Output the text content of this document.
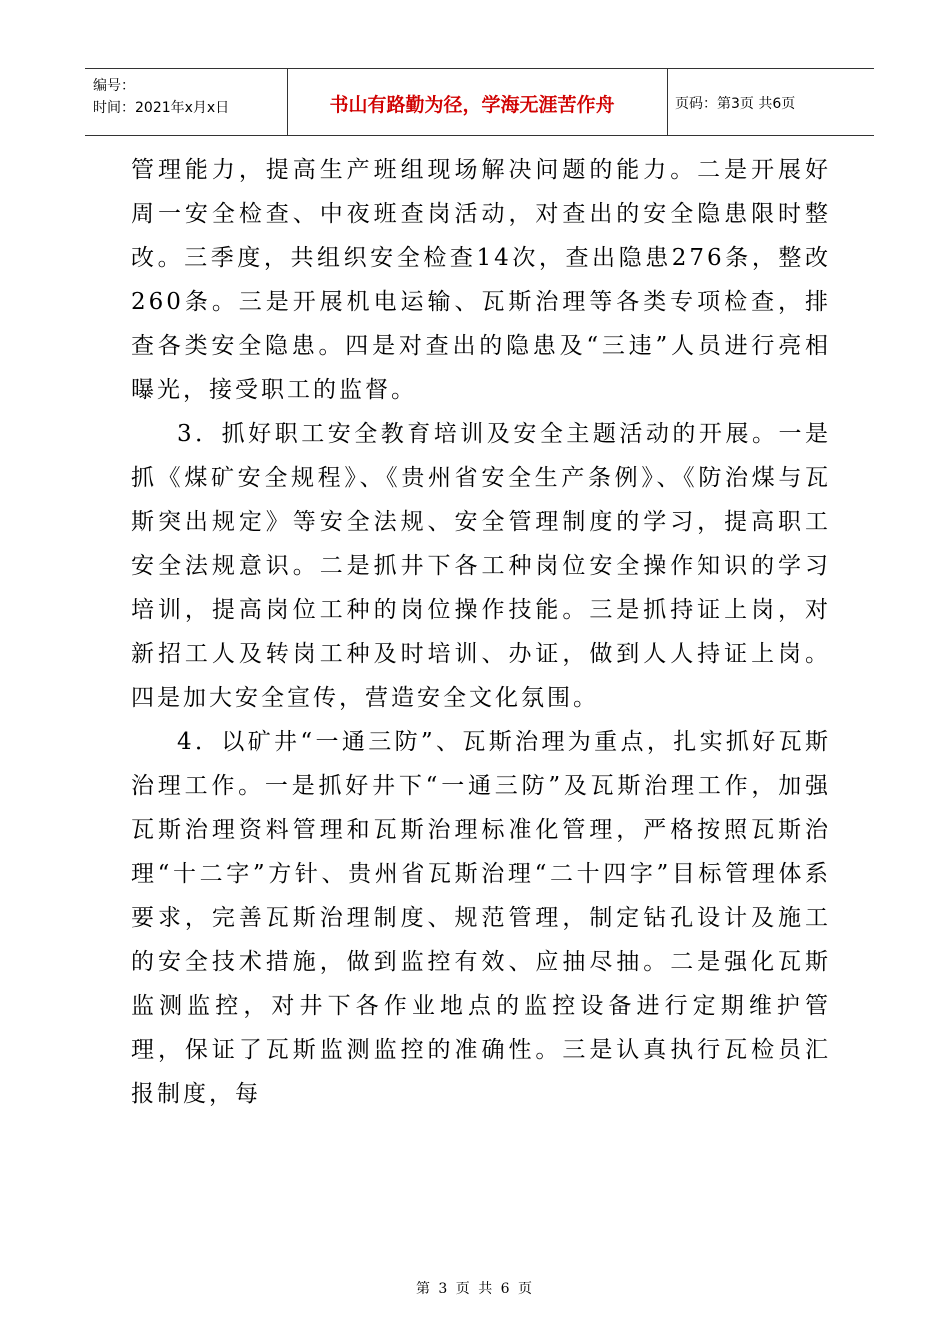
编号：
时间：2021年x月x日	书山有路勤为径，学海无涯苦作舟	页码：第3页 共6页

管理能力，提高生产班组现场解决问题的能力。二是开展好周一安全检查、中夜班查岗活动，对查出的安全隐患限时整改。三季度，共组织安全检查14次，查出隐患276条，整改260条。三是开展机电运输、瓦斯治理等各类专项检查，排查各类安全隐患。四是对查出的隐患及“三违”人员进行亮相曝光，接受职工的监督。

3．抓好职工安全教育培训及安全主题活动的开展。一是抓《煤矿安全规程》、《贵州省安全生产条例》、《防治煤与瓦斯突出规定》等安全法规、安全管理制度的学习，提高职工安全法规意识。二是抓井下各工种岗位安全操作知识的学习培训，提高岗位工种的岗位操作技能。三是抓持证上岗，对新招工人及转岗工种及时培训、办证，做到人人持证上岗。四是加大安全宣传，营造安全文化氛围。

4．以矿井“一通三防”、瓦斯治理为重点，扎实抓好瓦斯治理工作。一是抓好井下“一通三防”及瓦斯治理工作，加强瓦斯治理资料管理和瓦斯治理标准化管理，严格按照瓦斯治理“十二字”方针、贵州省瓦斯治理“二十四字”目标管理体系要求，完善瓦斯治理制度、规范管理，制定钻孔设计及施工的安全技术措施，做到监控有效、应抽尽抽。二是强化瓦斯监测监控，对井下各作业地点的监控设备进行定期维护管理，保证了瓦斯监测监控的准确性。三是认真执行瓦检员汇报制度，每

第 3 页 共 6 页
